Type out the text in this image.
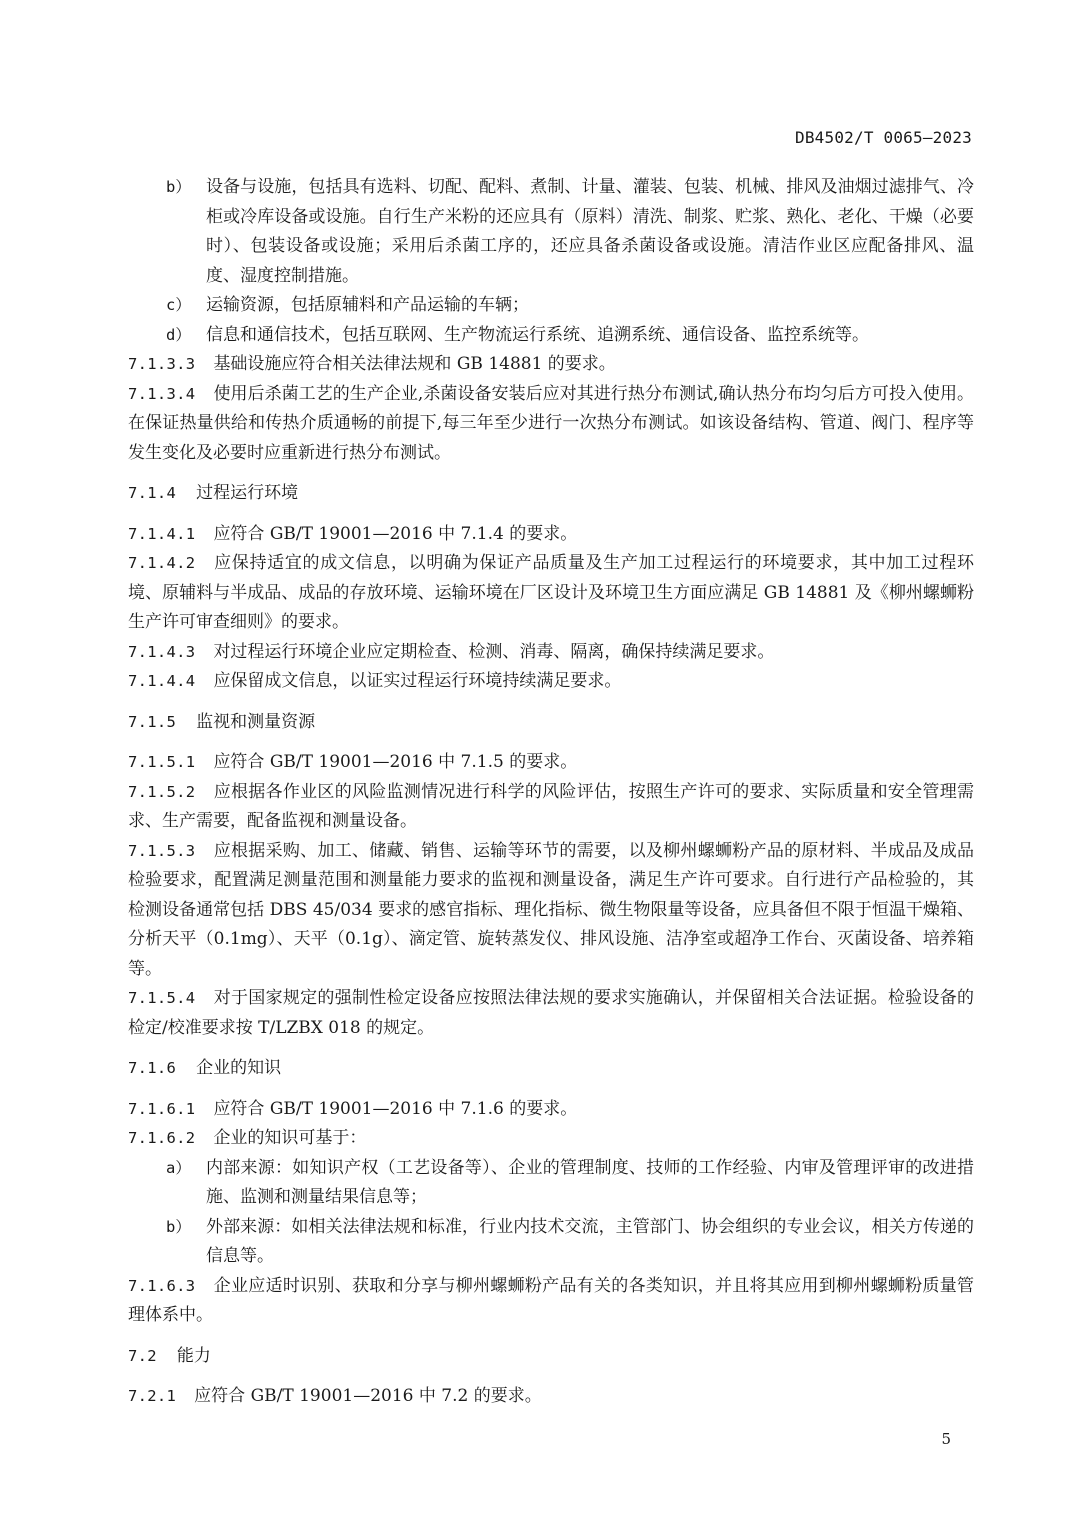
DB4502/T 0065—2023

b） 设备与设施，包括具有选料、切配、配料、煮制、计量、灌装、包装、机械、排风及油烟过滤排气、冷柜或冷库设备或设施。自行生产米粉的还应具有（原料）清洗、制浆、贮浆、熟化、老化、干燥（必要时）、包装设备或设施；采用后杀菌工序的，还应具备杀菌设备或设施。清洁作业区应配备排风、温度、湿度控制措施。

c） 运输资源，包括原辅料和产品运输的车辆；

d） 信息和通信技术，包括互联网、生产物流运行系统、追溯系统、通信设备、监控系统等。

7.1.3.3 基础设施应符合相关法律法规和 GB 14881 的要求。

7.1.3.4 使用后杀菌工艺的生产企业,杀菌设备安装后应对其进行热分布测试,确认热分布均匀后方可投入使用。在保证热量供给和传热介质通畅的前提下,每三年至少进行一次热分布测试。如该设备结构、管道、阀门、程序等发生变化及必要时应重新进行热分布测试。

7.1.4 过程运行环境

7.1.4.1 应符合 GB/T 19001—2016 中 7.1.4 的要求。

7.1.4.2 应保持适宜的成文信息，以明确为保证产品质量及生产加工过程运行的环境要求，其中加工过程环境、原辅料与半成品、成品的存放环境、运输环境在厂区设计及环境卫生方面应满足 GB 14881 及《柳州螺蛳粉生产许可审查细则》的要求。

7.1.4.3 对过程运行环境企业应定期检查、检测、消毒、隔离，确保持续满足要求。

7.1.4.4 应保留成文信息，以证实过程运行环境持续满足要求。

7.1.5 监视和测量资源

7.1.5.1 应符合 GB/T 19001—2016 中 7.1.5 的要求。

7.1.5.2 应根据各作业区的风险监测情况进行科学的风险评估，按照生产许可的要求、实际质量和安全管理需求、生产需要，配备监视和测量设备。

7.1.5.3 应根据采购、加工、储藏、销售、运输等环节的需要，以及柳州螺蛳粉产品的原材料、半成品及成品检验要求，配置满足测量范围和测量能力要求的监视和测量设备，满足生产许可要求。自行进行产品检验的，其检测设备通常包括 DBS 45/034 要求的感官指标、理化指标、微生物限量等设备，应具备但不限于恒温干燥箱、分析天平（0.1mg）、天平（0.1g）、滴定管、旋转蒸发仪、排风设施、洁净室或超净工作台、灭菌设备、培养箱等。

7.1.5.4 对于国家规定的强制性检定设备应按照法律法规的要求实施确认，并保留相关合法证据。检验设备的检定/校准要求按 T/LZBX 018 的规定。

7.1.6 企业的知识

7.1.6.1 应符合 GB/T 19001—2016 中 7.1.6 的要求。

7.1.6.2 企业的知识可基于：

a） 内部来源：如知识产权（工艺设备等）、企业的管理制度、技师的工作经验、内审及管理评审的改进措施、监测和测量结果信息等；

b） 外部来源：如相关法律法规和标准，行业内技术交流，主管部门、协会组织的专业会议，相关方传递的信息等。

7.1.6.3 企业应适时识别、获取和分享与柳州螺蛳粉产品有关的各类知识，并且将其应用到柳州螺蛳粉质量管理体系中。

7.2 能力

7.2.1 应符合 GB/T 19001—2016 中 7.2 的要求。

5
